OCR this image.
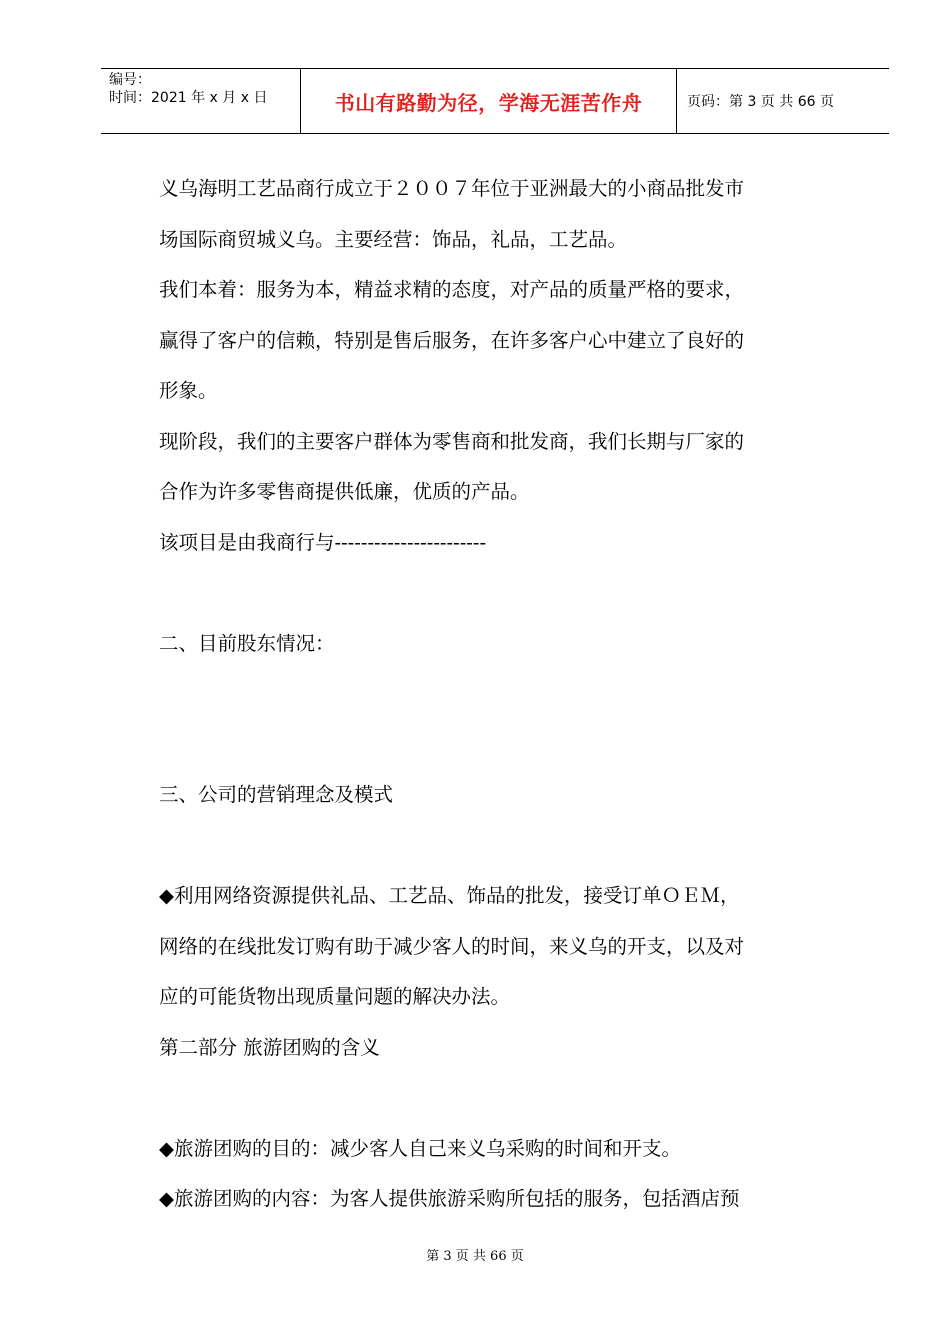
编号：
时间：2021 年 x 月 x 日	书山有路勤为径，学海无涯苦作舟	页码：第 3 页 共 66 页

义乌海明工艺品商行成立于２００７年位于亚洲最大的小商品批发市

场国际商贸城义乌。主要经营：饰品，礼品，工艺品。

我们本着：服务为本，精益求精的态度，对产品的质量严格的要求，

赢得了客户的信赖，特别是售后服务，在许多客户心中建立了良好的

形象。

现阶段，我们的主要客户群体为零售商和批发商，我们长期与厂家的

合作为许多零售商提供低廉，优质的产品。

该项目是由我商行与-----------------------

二、目前股东情况：

三、公司的营销理念及模式

◆利用网络资源提供礼品、工艺品、饰品的批发，接受订单ＯＥＭ，

网络的在线批发订购有助于减少客人的时间，来义乌的开支，以及对

应的可能货物出现质量问题的解决办法。

第二部分 旅游团购的含义

◆旅游团购的目的：减少客人自己来义乌采购的时间和开支。

◆旅游团购的内容：为客人提供旅游采购所包括的服务，包括酒店预

第 3 页 共 66 页
